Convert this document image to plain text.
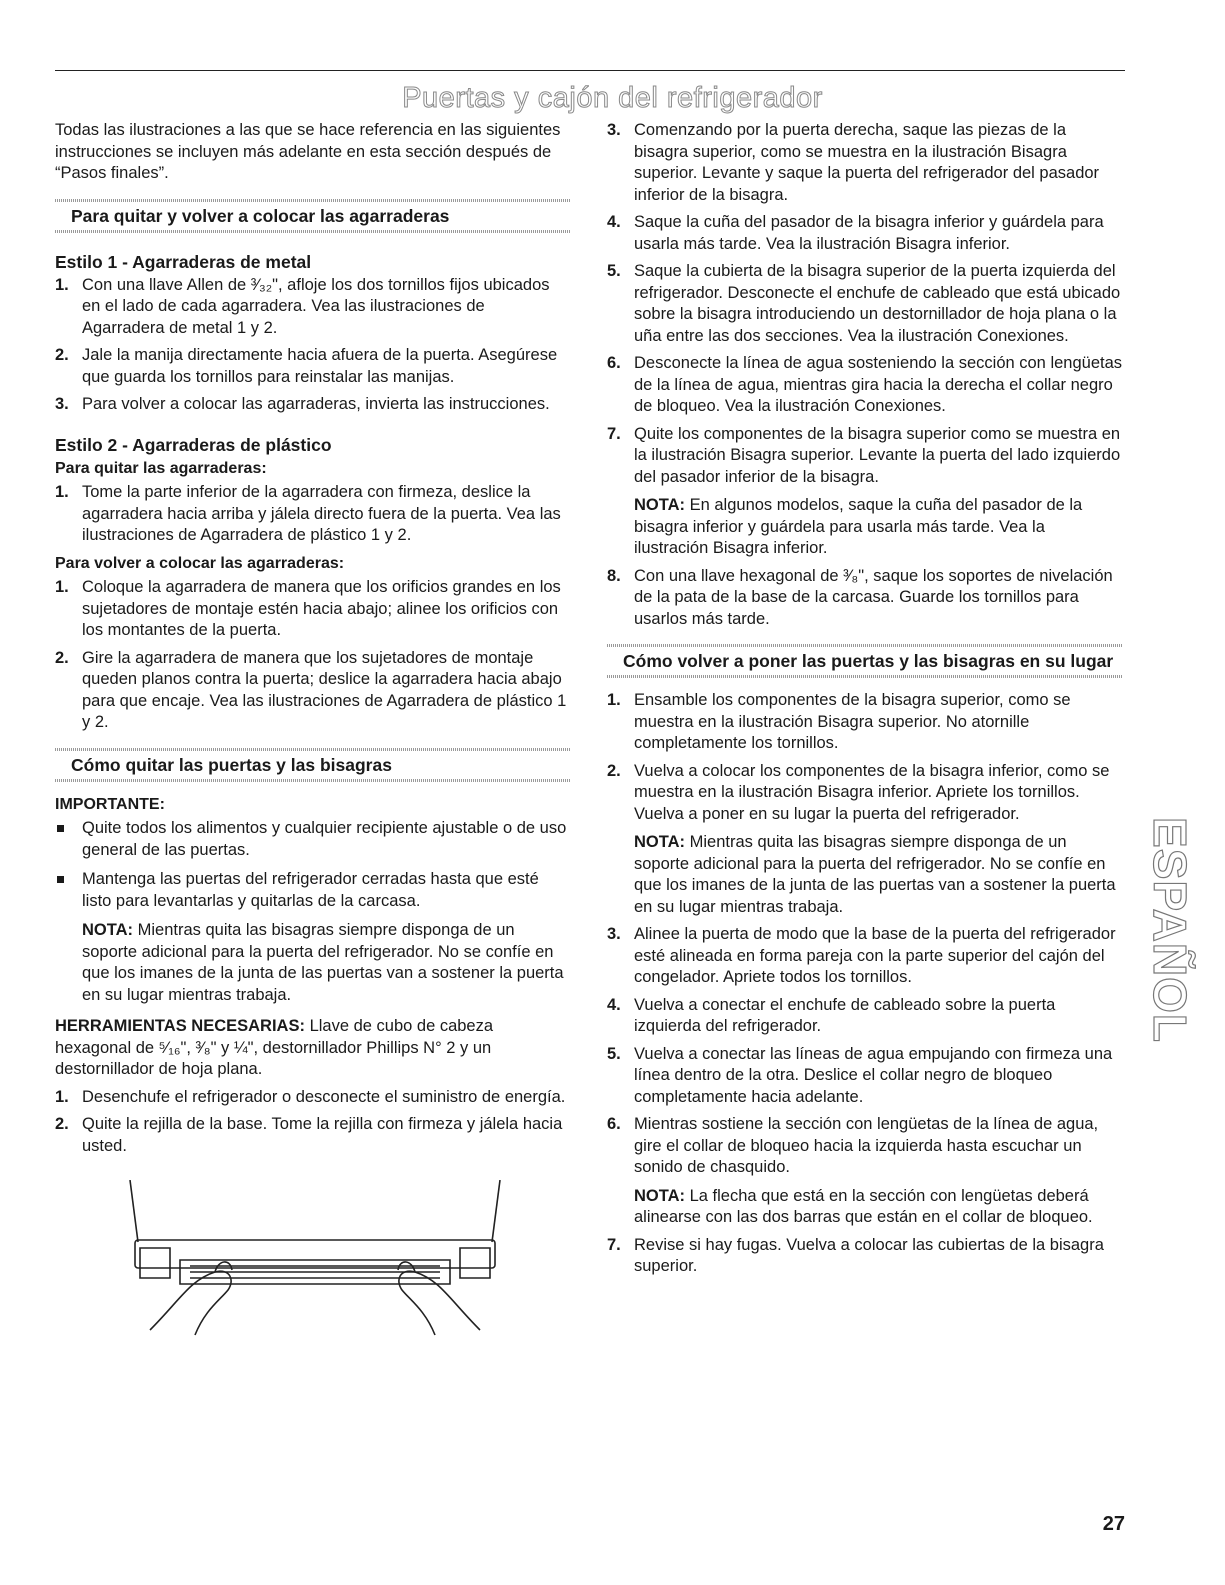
Puertas y cajón del refrigerador

Todas las ilustraciones a las que se hace referencia en las siguientes instrucciones se incluyen más adelante en esta sección después de “Pasos finales”.

Para quitar y volver a colocar las agarraderas
Estilo 1 - Agarraderas de metal
1. Con una llave Allen de ³⁄₃₂", afloje los dos tornillos fijos ubicados en el lado de cada agarradera. Vea las ilustraciones de Agarradera de metal 1 y 2.
2. Jale la manija directamente hacia afuera de la puerta. Asegúrese que guarda los tornillos para reinstalar las manijas.
3. Para volver a colocar las agarraderas, invierta las instrucciones.
Estilo 2 - Agarraderas de plástico
Para quitar las agarraderas:
1. Tome la parte inferior de la agarradera con firmeza, deslice la agarradera hacia arriba y jálela directo fuera de la puerta. Vea las ilustraciones de Agarradera de plástico 1 y 2.
Para volver a colocar las agarraderas:
1. Coloque la agarradera de manera que los orificios grandes en los sujetadores de montaje estén hacia abajo; alinee los orificios con los montantes de la puerta.
2. Gire la agarradera de manera que los sujetadores de montaje queden planos contra la puerta; deslice la agarradera hacia abajo para que encaje. Vea las ilustraciones de Agarradera de plástico 1 y 2.
Cómo quitar las puertas y las bisagras
IMPORTANTE:
Quite todos los alimentos y cualquier recipiente ajustable o de uso general de las puertas.
Mantenga las puertas del refrigerador cerradas hasta que esté listo para levantarlas y quitarlas de la carcasa.
NOTA: Mientras quita las bisagras siempre disponga de un soporte adicional para la puerta del refrigerador. No se confíe en que los imanes de la junta de las puertas van a sostener la puerta en su lugar mientras trabaja.

HERRAMIENTAS NECESARIAS: Llave de cubo de cabeza hexagonal de ⁵⁄₁₆", ³⁄₈" y ¼", destornillador Phillips N° 2 y un destornillador de hoja plana.

1. Desenchufe el refrigerador o desconecte el suministro de energía.
2. Quite la rejilla de la base. Tome la rejilla con firmeza y jálela hacia usted.
3. Comenzando por la puerta derecha, saque las piezas de la bisagra superior, como se muestra en la ilustración Bisagra superior. Levante y saque la puerta del refrigerador del pasador inferior de la bisagra.
4. Saque la cuña del pasador de la bisagra inferior y guárdela para usarla más tarde. Vea la ilustración Bisagra inferior.
5. Saque la cubierta de la bisagra superior de la puerta izquierda del refrigerador. Desconecte el enchufe de cableado que está ubicado sobre la bisagra introduciendo un destornillador de hoja plana o la uña entre las dos secciones. Vea la ilustración Conexiones.
6. Desconecte la línea de agua sosteniendo la sección con lengüetas de la línea de agua, mientras gira hacia la derecha el collar negro de bloqueo. Vea la ilustración Conexiones.
7. Quite los componentes de la bisagra superior como se muestra en la ilustración Bisagra superior. Levante la puerta del lado izquierdo del pasador inferior de la bisagra.
NOTA: En algunos modelos, saque la cuña del pasador de la bisagra inferior y guárdela para usarla más tarde. Vea la ilustración Bisagra inferior.
8. Con una llave hexagonal de ³⁄₈", saque los soportes de nivelación de la pata de la base de la carcasa. Guarde los tornillos para usarlos más tarde.
Cómo volver a poner las puertas y las bisagras en su lugar
1. Ensamble los componentes de la bisagra superior, como se muestra en la ilustración Bisagra superior. No atornille completamente los tornillos.
2. Vuelva a colocar los componentes de la bisagra inferior, como se muestra en la ilustración Bisagra inferior. Apriete los tornillos. Vuelva a poner en su lugar la puerta del refrigerador.
NOTA: Mientras quita las bisagras siempre disponga de un soporte adicional para la puerta del refrigerador. No se confíe en que los imanes de la junta de las puertas van a sostener la puerta en su lugar mientras trabaja.
3. Alinee la puerta de modo que la base de la puerta del refrigerador esté alineada en forma pareja con la parte superior del cajón del congelador. Apriete todos los tornillos.
4. Vuelva a conectar el enchufe de cableado sobre la puerta izquierda del refrigerador.
5. Vuelva a conectar las líneas de agua empujando con firmeza una línea dentro de la otra. Deslice el collar negro de bloqueo completamente hacia adelante.
6. Mientras sostiene la sección con lengüetas de la línea de agua, gire el collar de bloqueo hacia la izquierda hasta escuchar un sonido de chasquido.
NOTA: La flecha que está en la sección con lengüetas deberá alinearse con las dos barras que están en el collar de bloqueo.
7. Revise si hay fugas. Vuelva a colocar las cubiertas de la bisagra superior.
ESPAÑOL
27
